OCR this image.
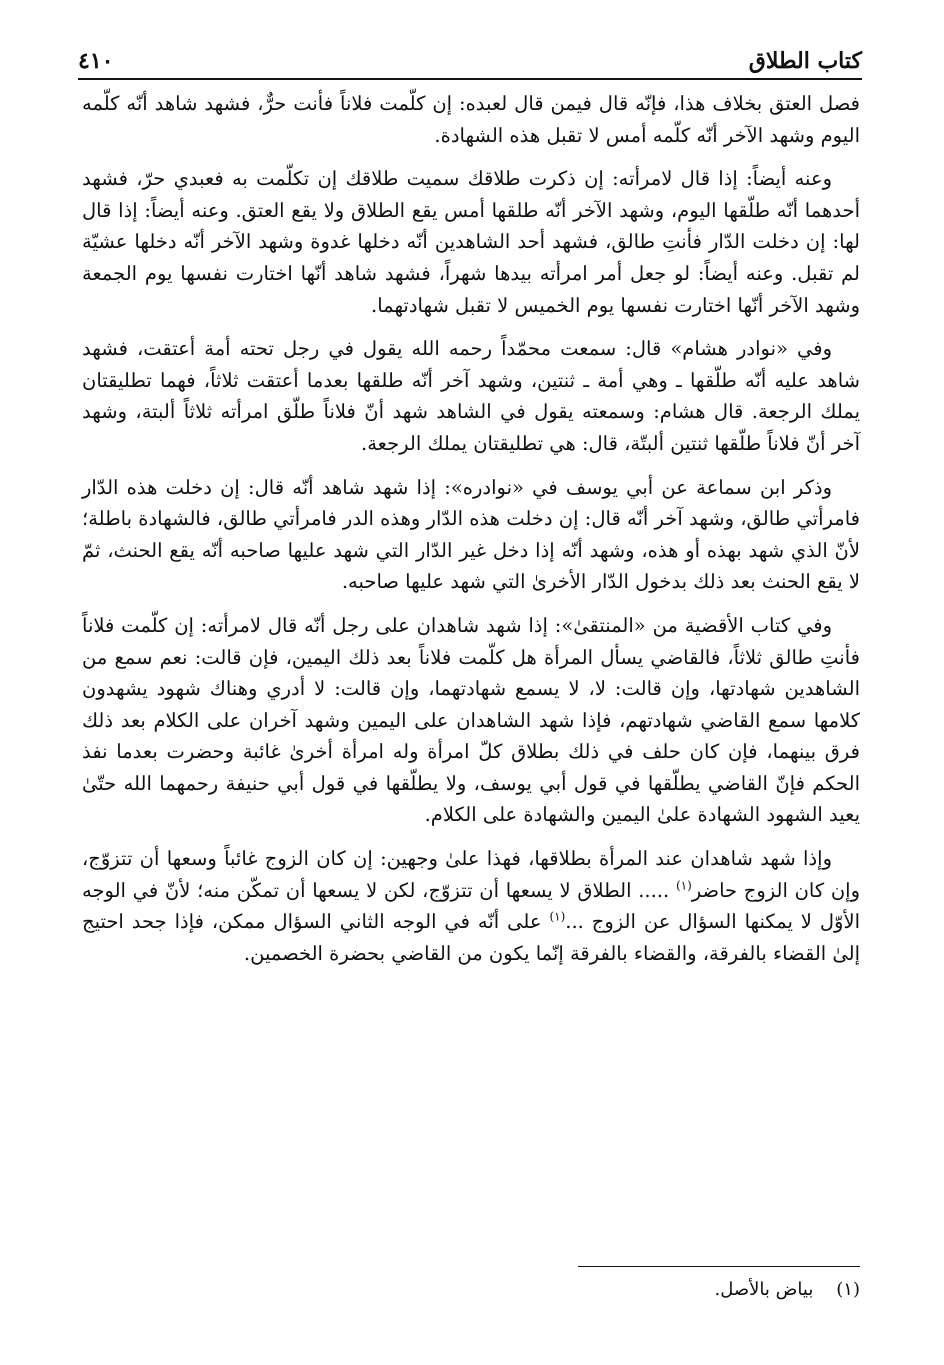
كتاب الطلاق
٤١٠

فصل العتق بخلاف هذا، فإنّه قال فيمن قال لعبده: إن كلّمت فلاناً فأنت حرٌّ، فشهد شاهد أنّه كلّمه اليوم وشهد الآخر أنّه كلّمه أمس لا تقبل هذه الشهادة.

وعنه أيضاً: إذا قال لامرأته: إن ذكرت طلاقك سميت طلاقك إن تكلّمت به فعبدي حرّ، فشهد أحدهما أنّه طلّقها اليوم، وشهد الآخر أنّه طلقها أمس يقع الطلاق ولا يقع العتق. وعنه أيضاً: إذا قال لها: إن دخلت الدّار فأنتِ طالق، فشهد أحد الشاهدين أنّه دخلها غدوة وشهد الآخر أنّه دخلها عشيّة لم تقبل. وعنه أيضاً: لو جعل أمر امرأته بيدها شهراً، فشهد شاهد أنّها اختارت نفسها يوم الجمعة وشهد الآخر أنّها اختارت نفسها يوم الخميس لا تقبل شهادتهما.

وفي «نوادر هشام» قال: سمعت محمّداً رحمه الله يقول في رجل تحته أمة أعتقت، فشهد شاهد عليه أنّه طلّقها ـ وهي أمة ـ ثنتين، وشهد آخر أنّه طلقها بعدما أعتقت ثلاثاً، فهما تطليقتان يملك الرجعة. قال هشام: وسمعته يقول في الشاهد شهد أنّ فلاناً طلّق امرأته ثلاثاً ألبتة، وشهد آخر أنّ فلاناً طلّقها ثنتين ألبتّة، قال: هي تطليقتان يملك الرجعة.

وذكر ابن سماعة عن أبي يوسف في «نوادره»: إذا شهد شاهد أنّه قال: إن دخلت هذه الدّار فامرأتي طالق، وشهد آخر أنّه قال: إن دخلت هذه الدّار وهذه الدر فامرأتي طالق، فالشهادة باطلة؛ لأنّ الذي شهد بهذه أو هذه، وشهد أنّه إذا دخل غير الدّار التي شهد عليها صاحبه أنّه يقع الحنث، ثمّ لا يقع الحنث بعد ذلك بدخول الدّار الأخرىٰ التي شهد عليها صاحبه.

وفي كتاب الأقضية من «المنتقىٰ»: إذا شهد شاهدان على رجل أنّه قال لامرأته: إن كلّمت فلاناً فأنتِ طالق ثلاثاً، فالقاضي يسأل المرأة هل كلّمت فلاناً بعد ذلك اليمين، فإن قالت: نعم سمع من الشاهدين شهادتها، وإن قالت: لا، لا يسمع شهادتهما، وإن قالت: لا أدري وهناك شهود يشهدون كلامها سمع القاضي شهادتهم، فإذا شهد الشاهدان على اليمين وشهد آخران على الكلام بعد ذلك فرق بينهما، فإن كان حلف في ذلك بطلاق كلّ امرأة وله امرأة أخرىٰ غائبة وحضرت بعدما نفذ الحكم فإنّ القاضي يطلّقها في قول أبي يوسف، ولا يطلّقها في قول أبي حنيفة رحمهما الله حتّىٰ يعيد الشهود الشهادة علىٰ اليمين والشهادة على الكلام.

وإذا شهد شاهدان عند المرأة بطلاقها، فهذا علىٰ وجهين: إن كان الزوج غائباً وسعها أن تتزوّج، وإن كان الزوج حاضر$^{(١)}$ ..... الطلاق لا يسعها أن تتزوّج، لكن لا يسعها أن تمكّن منه؛ لأنّ في الوجه الأوّل لا يمكنها السؤال عن الزوج ...$^{(١)}$ على أنّه في الوجه الثاني السؤال ممكن، فإذا جحد احتيج إلىٰ القضاء بالفرقة، والقضاء بالفرقة إنّما يكون من القاضي بحضرة الخصمين.

(١)    بياض بالأصل.
